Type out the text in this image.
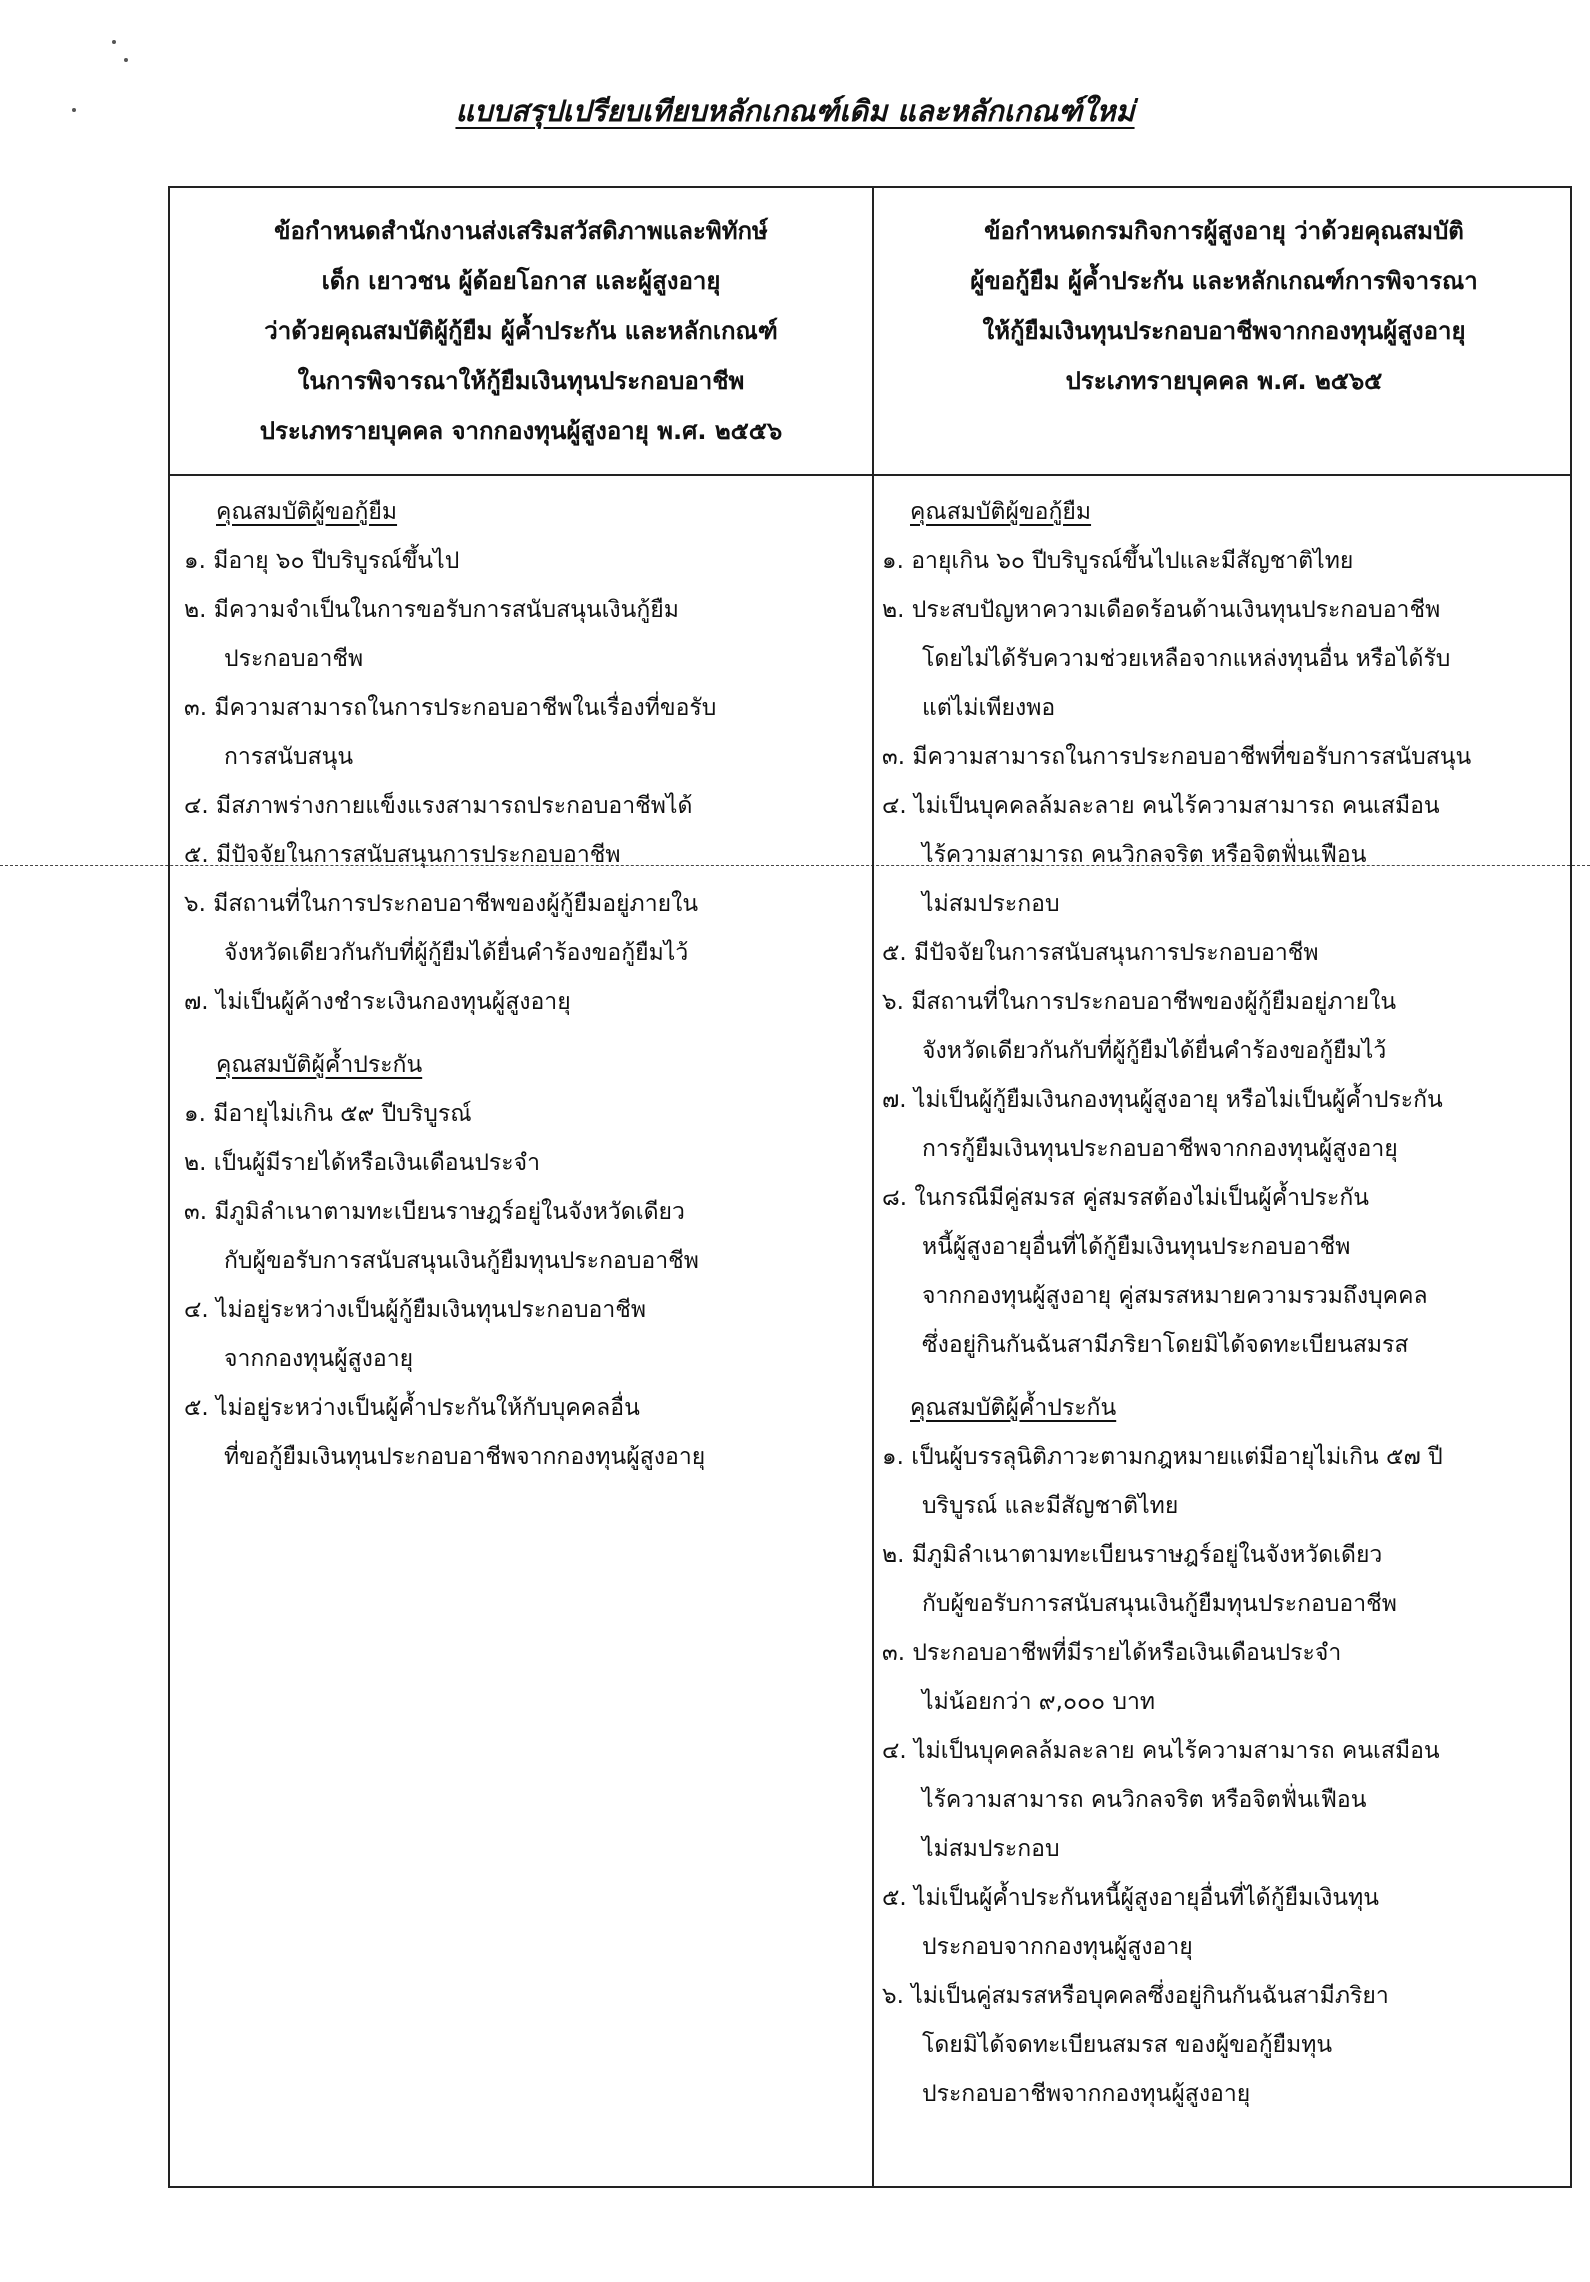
แบบสรุปเปรียบเทียบหลักเกณฑ์เดิม และหลักเกณฑ์ใหม่
ข้อกำหนดสำนักงานส่งเสริมสวัสดิภาพและพิทักษ์
เด็ก เยาวชน ผู้ด้อยโอกาส และผู้สูงอายุ
ว่าด้วยคุณสมบัติผู้กู้ยืม ผู้ค้ำประกัน และหลักเกณฑ์
ในการพิจารณาให้กู้ยืมเงินทุนประกอบอาชีพ
ประเภทรายบุคคล จากกองทุนผู้สูงอายุ พ.ศ. ๒๕๕๖
ข้อกำหนดกรมกิจการผู้สูงอายุ ว่าด้วยคุณสมบัติ
ผู้ขอกู้ยืม ผู้ค้ำประกัน และหลักเกณฑ์การพิจารณา
ให้กู้ยืมเงินทุนประกอบอาชีพจากกองทุนผู้สูงอายุ
ประเภทรายบุคคล พ.ศ. ๒๕๖๕
คุณสมบัติผู้ขอกู้ยืม
๑. มีอายุ ๖๐ ปีบริบูรณ์ขึ้นไป
๒. มีความจำเป็นในการขอรับการสนับสนุนเงินกู้ยืม
ประกอบอาชีพ
๓. มีความสามารถในการประกอบอาชีพในเรื่องที่ขอรับ
การสนับสนุน
๔. มีสภาพร่างกายแข็งแรงสามารถประกอบอาชีพได้
๕. มีปัจจัยในการสนับสนุนการประกอบอาชีพ
๖. มีสถานที่ในการประกอบอาชีพของผู้กู้ยืมอยู่ภายใน
จังหวัดเดียวกันกับที่ผู้กู้ยืมได้ยื่นคำร้องขอกู้ยืมไว้
๗. ไม่เป็นผู้ค้างชำระเงินกองทุนผู้สูงอายุ
คุณสมบัติผู้ค้ำประกัน
๑. มีอายุไม่เกิน ๕๙ ปีบริบูรณ์
๒. เป็นผู้มีรายได้หรือเงินเดือนประจำ
๓. มีภูมิลำเนาตามทะเบียนราษฎร์อยู่ในจังหวัดเดียว
กับผู้ขอรับการสนับสนุนเงินกู้ยืมทุนประกอบอาชีพ
๔. ไม่อยู่ระหว่างเป็นผู้กู้ยืมเงินทุนประกอบอาชีพ
จากกองทุนผู้สูงอายุ
๕. ไม่อยู่ระหว่างเป็นผู้ค้ำประกันให้กับบุคคลอื่น
ที่ขอกู้ยืมเงินทุนประกอบอาชีพจากกองทุนผู้สูงอายุ
คุณสมบัติผู้ขอกู้ยืม
๑. อายุเกิน ๖๐ ปีบริบูรณ์ขึ้นไปและมีสัญชาติไทย
๒. ประสบปัญหาความเดือดร้อนด้านเงินทุนประกอบอาชีพ
โดยไม่ได้รับความช่วยเหลือจากแหล่งทุนอื่น หรือได้รับ
แต่ไม่เพียงพอ
๓. มีความสามารถในการประกอบอาชีพที่ขอรับการสนับสนุน
๔. ไม่เป็นบุคคลล้มละลาย คนไร้ความสามารถ คนเสมือน
ไร้ความสามารถ คนวิกลจริต หรือจิตฟั่นเฟือน
ไม่สมประกอบ
๕. มีปัจจัยในการสนับสนุนการประกอบอาชีพ
๖. มีสถานที่ในการประกอบอาชีพของผู้กู้ยืมอยู่ภายใน
จังหวัดเดียวกันกับที่ผู้กู้ยืมได้ยื่นคำร้องขอกู้ยืมไว้
๗. ไม่เป็นผู้กู้ยืมเงินกองทุนผู้สูงอายุ หรือไม่เป็นผู้ค้ำประกัน
การกู้ยืมเงินทุนประกอบอาชีพจากกองทุนผู้สูงอายุ
๘. ในกรณีมีคู่สมรส คู่สมรสต้องไม่เป็นผู้ค้ำประกัน
หนี้ผู้สูงอายุอื่นที่ได้กู้ยืมเงินทุนประกอบอาชีพ
จากกองทุนผู้สูงอายุ คู่สมรสหมายความรวมถึงบุคคล
ซึ่งอยู่กินกันฉันสามีภริยาโดยมิได้จดทะเบียนสมรส
คุณสมบัติผู้ค้ำประกัน
๑. เป็นผู้บรรลุนิติภาวะตามกฎหมายแต่มีอายุไม่เกิน ๕๗ ปี
บริบูรณ์ และมีสัญชาติไทย
๒. มีภูมิลำเนาตามทะเบียนราษฎร์อยู่ในจังหวัดเดียว
กับผู้ขอรับการสนับสนุนเงินกู้ยืมทุนประกอบอาชีพ
๓. ประกอบอาชีพที่มีรายได้หรือเงินเดือนประจำ
ไม่น้อยกว่า ๙,๐๐๐ บาท
๔. ไม่เป็นบุคคลล้มละลาย คนไร้ความสามารถ คนเสมือน
ไร้ความสามารถ คนวิกลจริต หรือจิตฟั่นเฟือน
ไม่สมประกอบ
๕. ไม่เป็นผู้ค้ำประกันหนี้ผู้สูงอายุอื่นที่ได้กู้ยืมเงินทุน
ประกอบจากกองทุนผู้สูงอายุ
๖. ไม่เป็นคู่สมรสหรือบุคคลซึ่งอยู่กินกันฉันสามีภริยา
โดยมิได้จดทะเบียนสมรส ของผู้ขอกู้ยืมทุน
ประกอบอาชีพจากกองทุนผู้สูงอายุ
